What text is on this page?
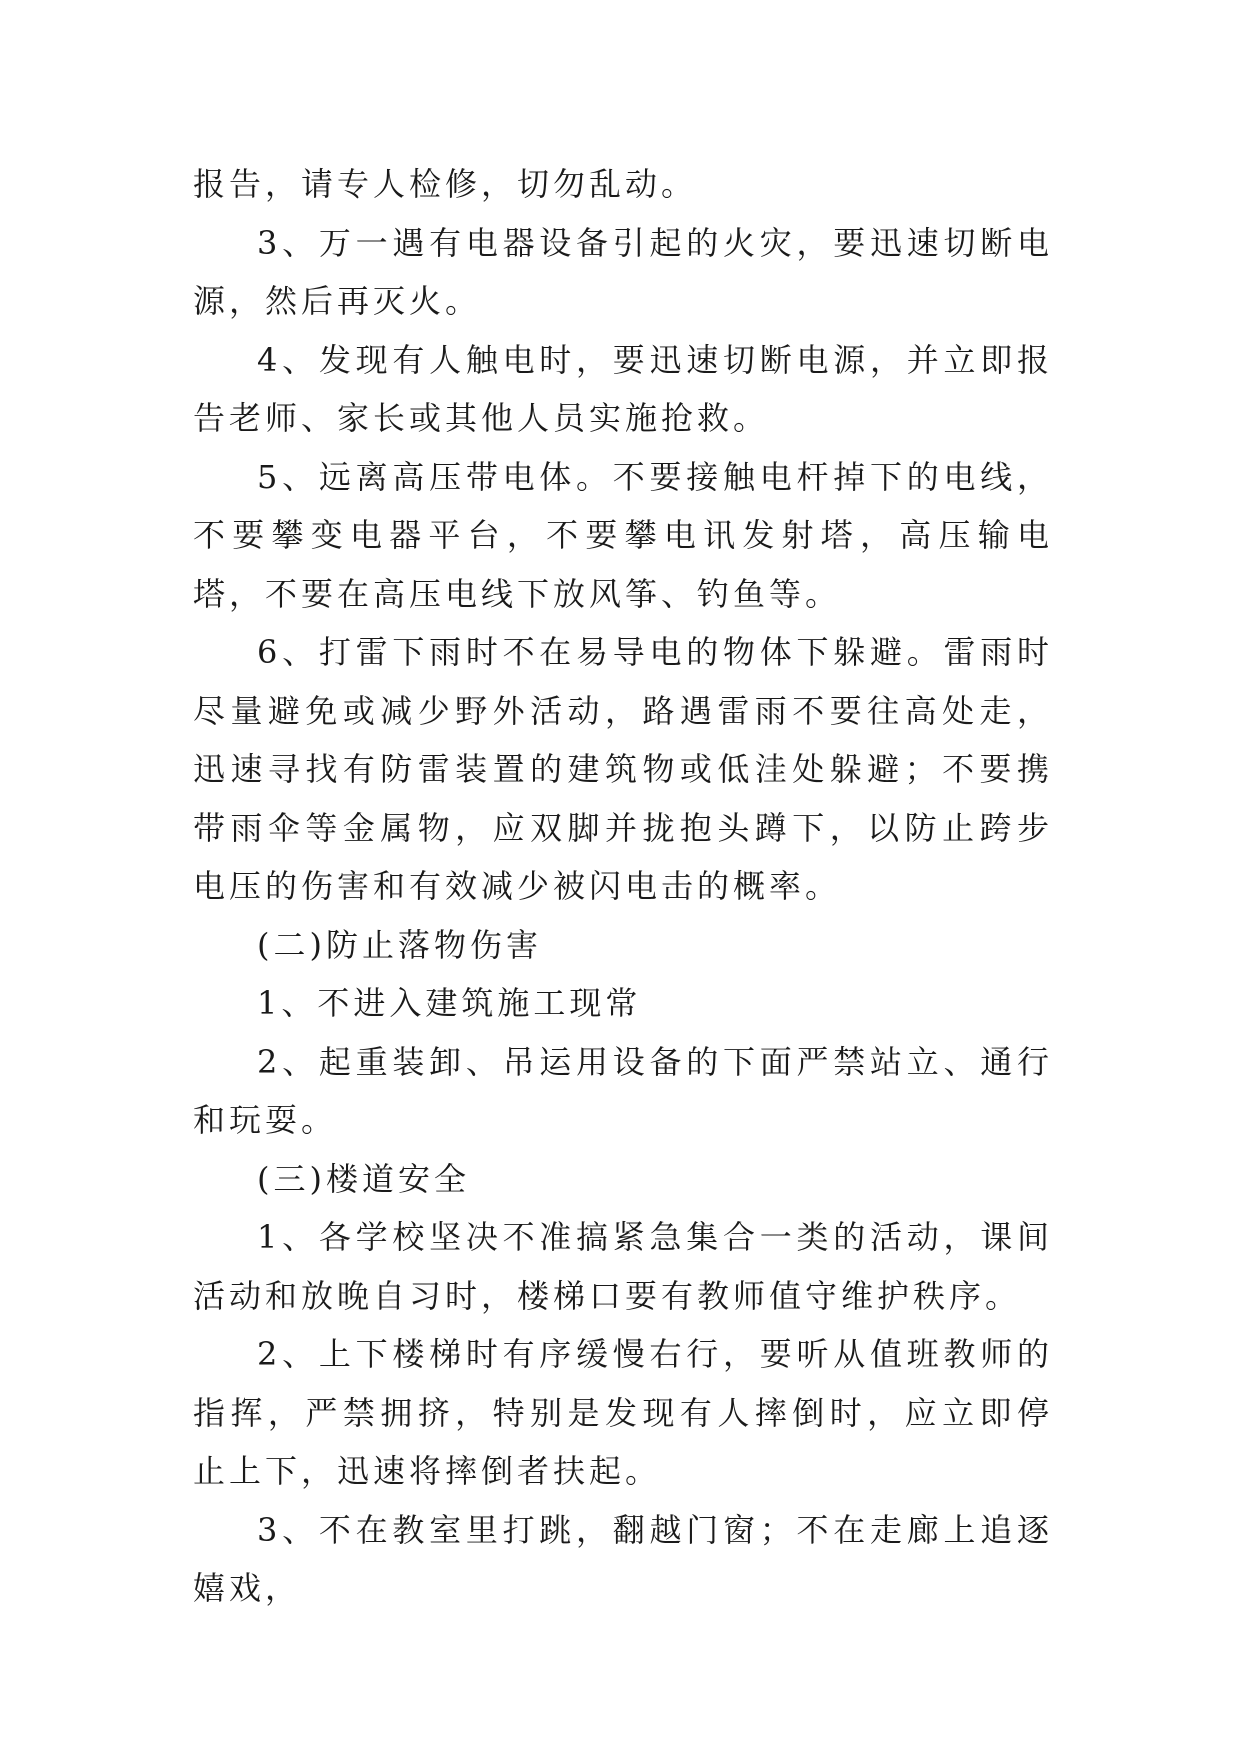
报告，请专人检修，切勿乱动。

3、万一遇有电器设备引起的火灾，要迅速切断电源，然后再灭火。

4、发现有人触电时，要迅速切断电源，并立即报告老师、家长或其他人员实施抢救。

5、远离高压带电体。不要接触电杆掉下的电线，不要攀变电器平台，不要攀电讯发射塔，高压输电塔，不要在高压电线下放风筝、钓鱼等。

6、打雷下雨时不在易导电的物体下躲避。雷雨时尽量避免或减少野外活动，路遇雷雨不要往高处走，迅速寻找有防雷装置的建筑物或低洼处躲避；不要携带雨伞等金属物，应双脚并拢抱头蹲下，以防止跨步电压的伤害和有效减少被闪电击的概率。

(二)防止落物伤害

1、不进入建筑施工现常

2、起重装卸、吊运用设备的下面严禁站立、通行和玩耍。

(三)楼道安全

1、各学校坚决不准搞紧急集合一类的活动，课间活动和放晚自习时，楼梯口要有教师值守维护秩序。

2、上下楼梯时有序缓慢右行，要听从值班教师的指挥，严禁拥挤，特别是发现有人摔倒时，应立即停止上下，迅速将摔倒者扶起。

3、不在教室里打跳，翻越门窗；不在走廊上追逐嬉戏，
